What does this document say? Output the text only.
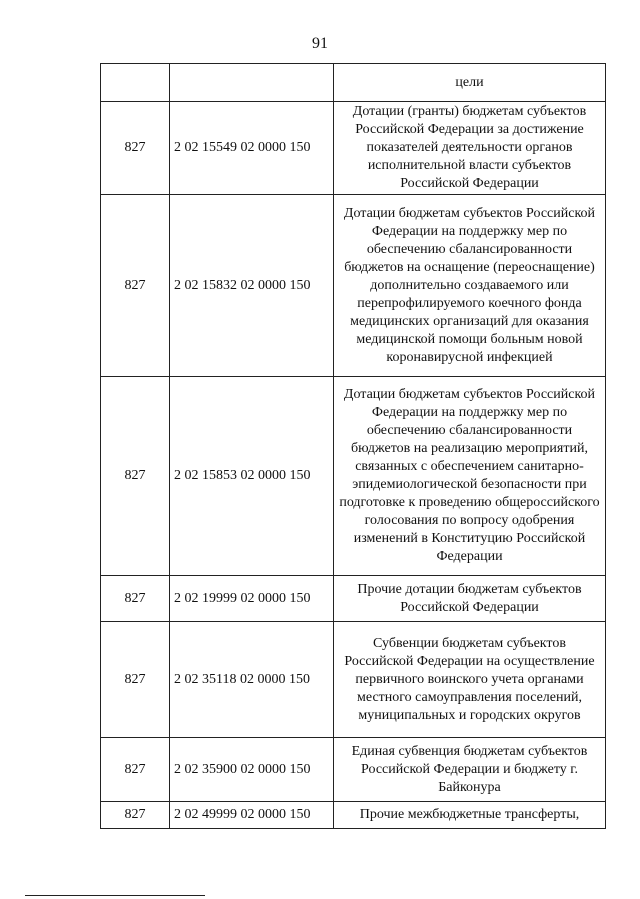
91
		цели
827	2 02 15549 02 0000 150	Дотации (гранты) бюджетам субъектов Российской Федерации за достижение показателей деятельности органов исполнительной власти субъектов Российской Федерации
827	2 02 15832 02 0000 150	Дотации бюджетам субъектов Российской Федерации на поддержку мер по обеспечению сбалансированности бюджетов на оснащение (переоснащение) дополнительно создаваемого или перепрофилируемого коечного фонда медицинских организаций для оказания медицинской помощи больным новой коронавирусной инфекцией
827	2 02 15853 02 0000 150	Дотации бюджетам субъектов Российской Федерации на поддержку мер по обеспечению сбалансированности бюджетов на реализацию мероприятий, связанных с обеспечением санитарно-эпидемиологической безопасности при подготовке к проведению общероссийского голосования по вопросу одобрения изменений в Конституцию Российской Федерации
827	2 02 19999 02 0000 150	Прочие дотации бюджетам субъектов Российской Федерации
827	2 02 35118 02 0000 150	Субвенции бюджетам субъектов Российской Федерации на осуществление первичного воинского учета органами местного самоуправления поселений, муниципальных и городских округов
827	2 02 35900 02 0000 150	Единая субвенция бюджетам субъектов Российской Федерации и бюджету г. Байконура
827	2 02 49999 02 0000 150	Прочие межбюджетные трансферты,
